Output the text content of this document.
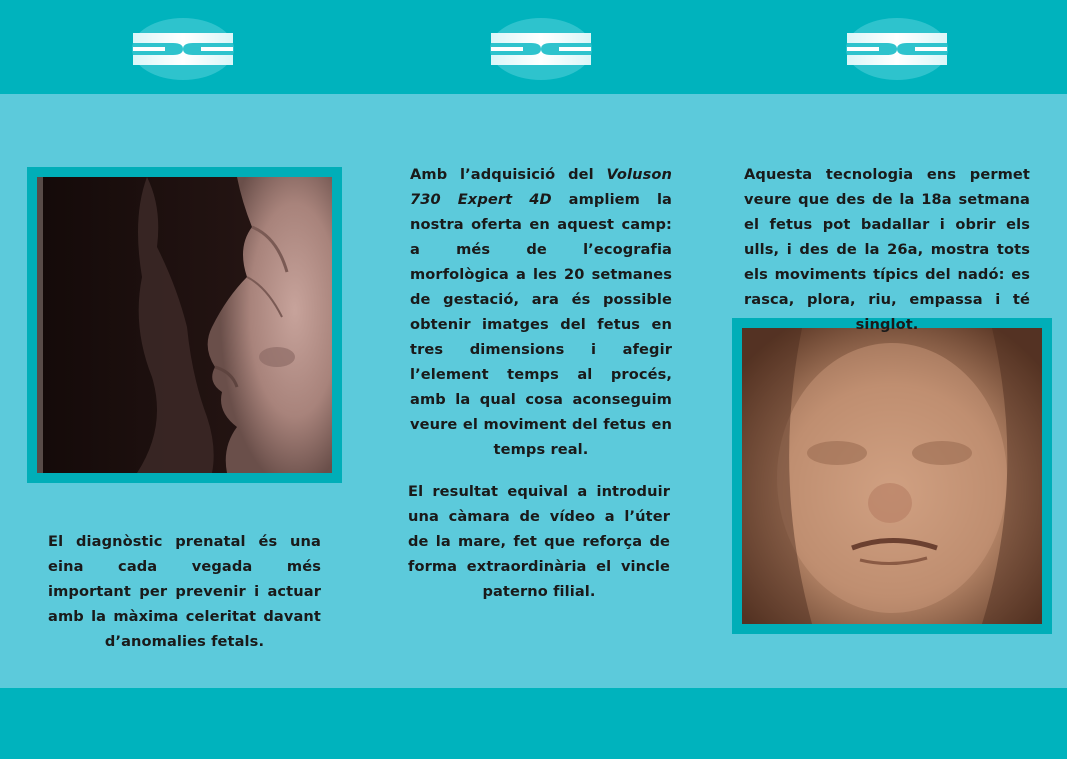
El diagnòstic prenatal és una eina cada vegada més important per prevenir i actuar amb la màxima celeritat davant d’anomalies fetals.
Amb l’adquisició del Voluson 730 Expert 4D ampliem la nostra oferta en aquest camp: a més de l’ecografia morfològica a les 20 setmanes de gestació, ara és possible obtenir imatges del fetus en tres dimensions i afegir l’element temps al procés, amb la qual cosa aconseguim veure el moviment del fetus en temps real.
El resultat equival a introduir una càmara de vídeo a l’úter de la mare, fet que reforça de forma extraordinària el vincle paterno filial.
Aquesta tecnologia ens permet veure que des de la 18a setmana el fetus pot badallar i obrir els ulls, i des de la 26a, mostra tots els moviments típics del nadó: es rasca, plora, riu, empassa i té singlot.
